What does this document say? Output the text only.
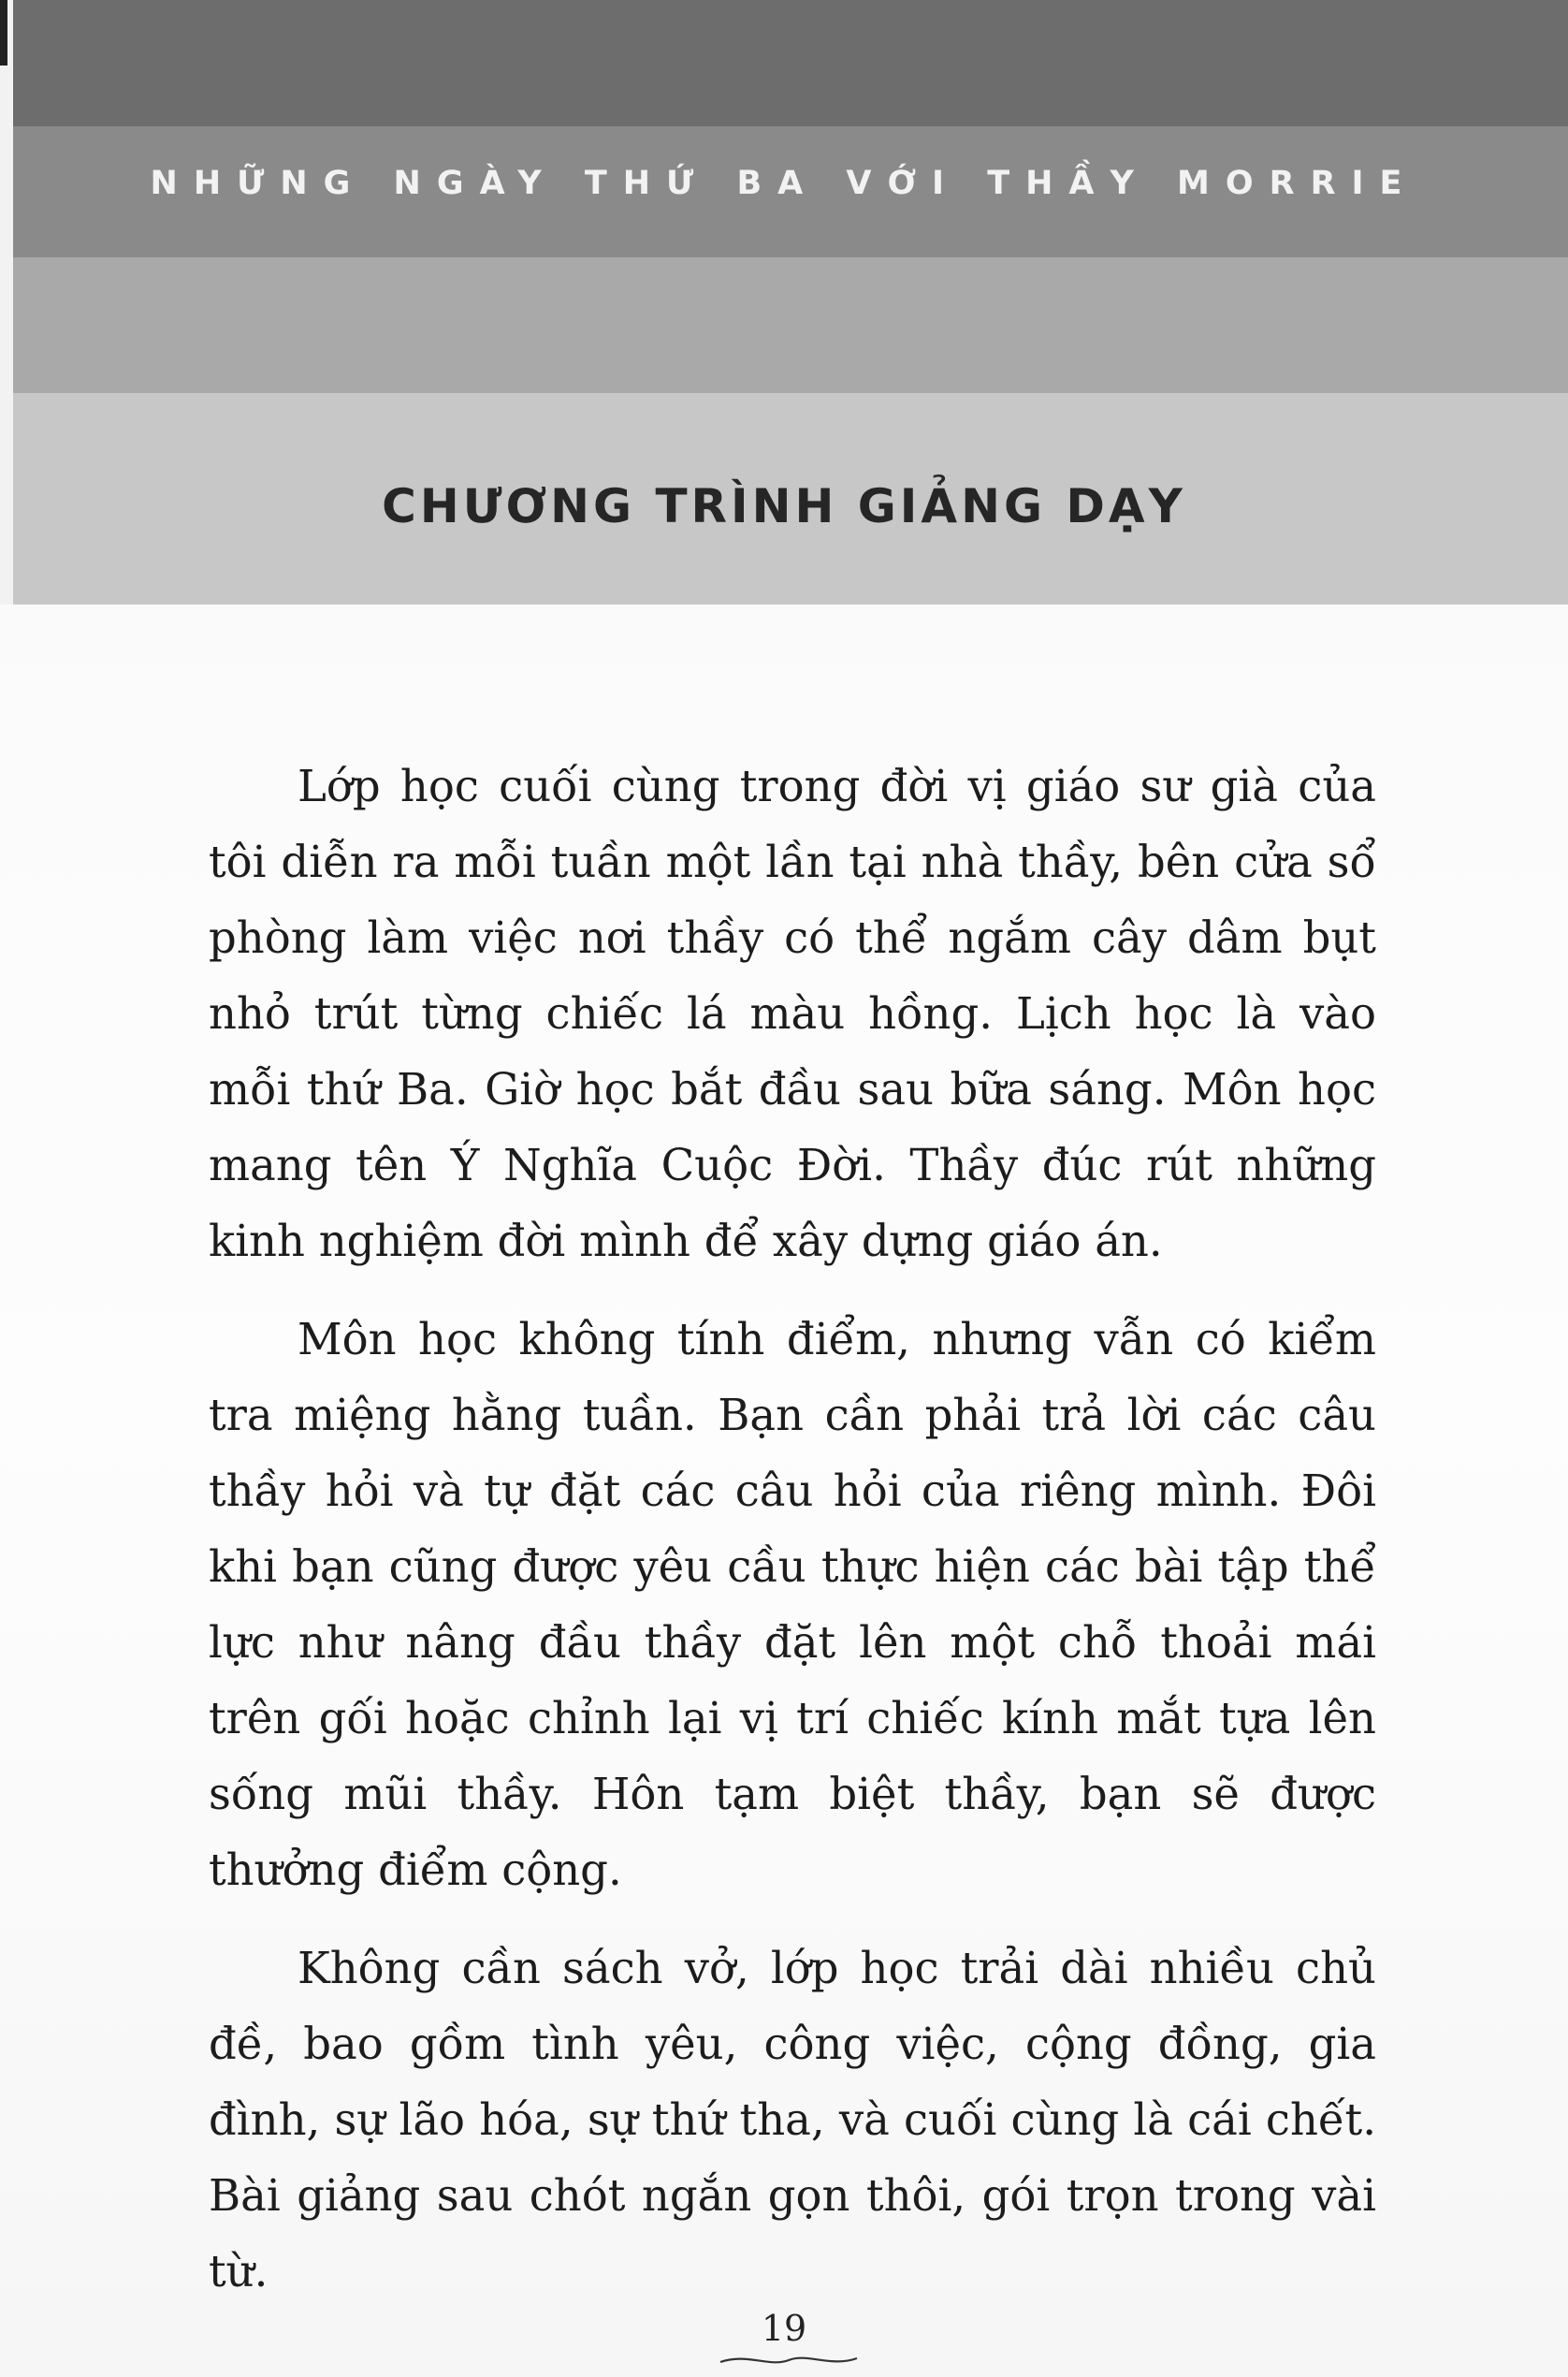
NHỮNG NGÀY THỨ BA VỚI THẦY MORRIE
CHƯƠNG TRÌNH GIẢNG DẠY

Lớp học cuối cùng trong đời vị giáo sư già của tôi diễn ra mỗi tuần một lần tại nhà thầy, bên cửa sổ phòng làm việc nơi thầy có thể ngắm cây dâm bụt nhỏ trút từng chiếc lá màu hồng. Lịch học là vào mỗi thứ Ba. Giờ học bắt đầu sau bữa sáng. Môn học mang tên Ý Nghĩa Cuộc Đời. Thầy đúc rút những kinh nghiệm đời mình để xây dựng giáo án.

Môn học không tính điểm, nhưng vẫn có kiểm tra miệng hằng tuần. Bạn cần phải trả lời các câu thầy hỏi và tự đặt các câu hỏi của riêng mình. Đôi khi bạn cũng được yêu cầu thực hiện các bài tập thể lực như nâng đầu thầy đặt lên một chỗ thoải mái trên gối hoặc chỉnh lại vị trí chiếc kính mắt tựa lên sống mũi thầy. Hôn tạm biệt thầy, bạn sẽ được thưởng điểm cộng.

Không cần sách vở, lớp học trải dài nhiều chủ đề, bao gồm tình yêu, công việc, cộng đồng, gia đình, sự lão hóa, sự thứ tha, và cuối cùng là cái chết. Bài giảng sau chót ngắn gọn thôi, gói trọn trong vài từ.

19
